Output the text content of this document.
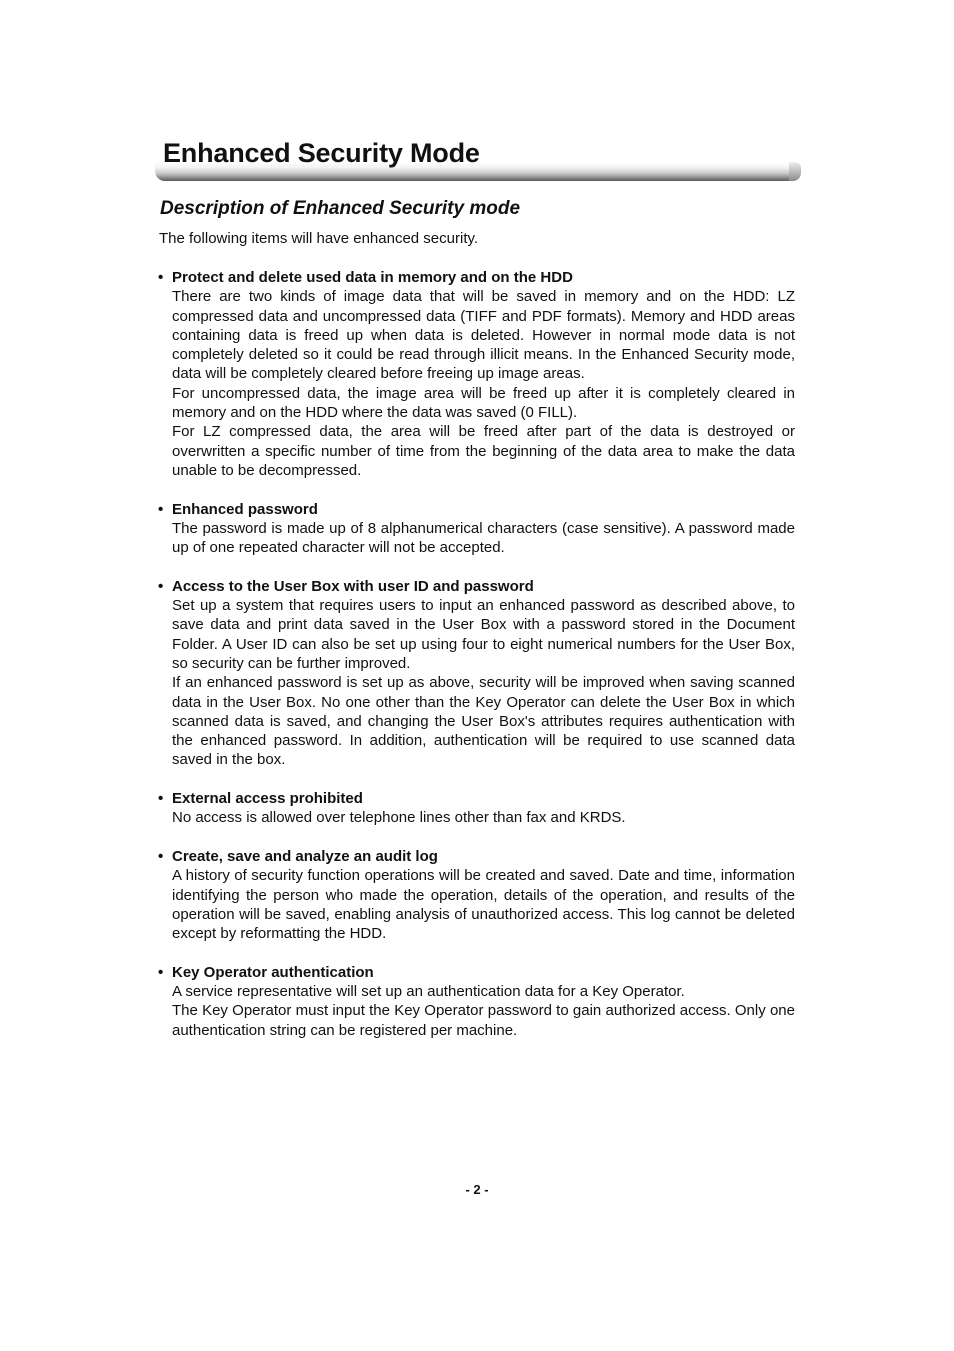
Enhanced Security Mode
Description of Enhanced Security mode

The following items will have enhanced security.

• Protect and delete used data in memory and on the HDD

There are two kinds of image data that will be saved in memory and on the HDD: LZ compressed data and uncompressed data (TIFF and PDF formats). Memory and HDD areas containing data is freed up when data is deleted. However in normal mode data is not completely deleted so it could be read through illicit means. In the Enhanced Security mode, data will be completely cleared before freeing up image areas.

For uncompressed data, the image area will be freed up after it is completely cleared in memory and on the HDD where the data was saved (0 FILL).

For LZ compressed data, the area will be freed after part of the data is destroyed or overwritten a specific number of time from the beginning of the data area to make the data unable to be decompressed.

• Enhanced password

The password is made up of 8 alphanumerical characters (case sensitive). A password made up of one repeated character will not be accepted.

• Access to the User Box with user ID and password

Set up a system that requires users to input an enhanced password as described above, to save data and print data saved in the User Box with a password stored in the Document Folder. A User ID can also be set up using four to eight numerical numbers for the User Box, so security can be further improved.

If an enhanced password is set up as above, security will be improved when saving scanned data in the User Box. No one other than the Key Operator can delete the User Box in which scanned data is saved, and changing the User Box's attributes requires authentication with the enhanced password. In addition, authentication will be required to use scanned data saved in the box.

• External access prohibited

No access is allowed over telephone lines other than fax and KRDS.

• Create, save and analyze an audit log

A history of security function operations will be created and saved. Date and time, information identifying the person who made the operation, details of the operation, and results of the operation will be saved, enabling analysis of unauthorized access. This log cannot be deleted except by reformatting the HDD.

• Key Operator authentication

A service representative will set up an authentication data for a Key Operator.

The Key Operator must input the Key Operator password to gain authorized access. Only one authentication string can be registered per machine.

- 2 -
